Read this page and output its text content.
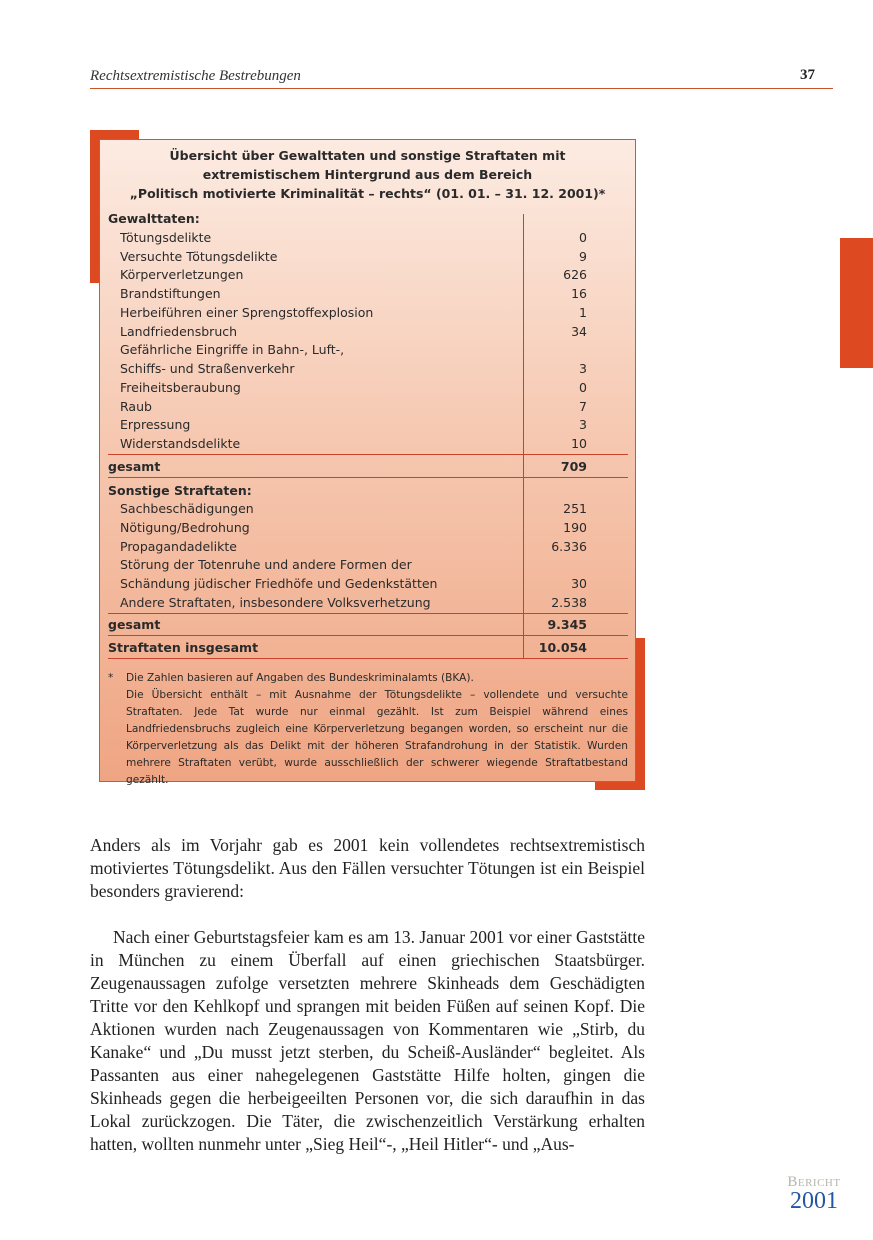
Rechtsextremistische Bestrebungen	37
Übersicht über Gewalttaten und sonstige Straftaten mit
extremistischem Hintergrund aus dem Bereich
„Politisch motivierte Kriminalität – rechts“ (01. 01. – 31. 12. 2001)*
Gewalttaten:
Tötungsdelikte	0
Versuchte Tötungsdelikte	9
Körperverletzungen	626
Brandstiftungen	16
Herbeiführen einer Sprengstoffexplosion	1
Landfriedensbruch	34
Gefährliche Eingriffe in Bahn-, Luft-,
Schiffs- und Straßenverkehr	3
Freiheitsberaubung	0
Raub	7
Erpressung	3
Widerstandsdelikte	10
gesamt	709
Sonstige Straftaten:
Sachbeschädigungen	251
Nötigung/Bedrohung	190
Propagandadelikte	6.336
Störung der Totenruhe und andere Formen der
Schändung jüdischer Friedhöfe und Gedenkstätten	30
Andere Straftaten, insbesondere Volksverhetzung	2.538
gesamt	9.345
Straftaten insgesamt	10.054
* Die Zahlen basieren auf Angaben des Bundeskriminalamts (BKA).
Die Übersicht enthält – mit Ausnahme der Tötungsdelikte – vollendete und versuchte Straftaten. Jede Tat wurde nur einmal gezählt. Ist zum Beispiel während eines Landfriedensbruchs zugleich eine Körperverletzung begangen worden, so erscheint nur die Körperverletzung als das Delikt mit der höheren Strafandrohung in der Statistik. Wurden mehrere Straftaten verübt, wurde ausschließlich der schwerer wiegende Straftatbestand gezählt.

Anders als im Vorjahr gab es 2001 kein vollendetes rechtsextremistisch motiviertes Tötungsdelikt. Aus den Fällen versuchter Tötungen ist ein Beispiel besonders gravierend:

Nach einer Geburtstagsfeier kam es am 13. Januar 2001 vor einer Gaststätte in München zu einem Überfall auf einen griechischen Staatsbürger. Zeugenaussagen zufolge versetzten mehrere Skinheads dem Geschädigten Tritte vor den Kehlkopf und sprangen mit beiden Füßen auf seinen Kopf. Die Aktionen wurden nach Zeugenaussagen von Kommentaren wie „Stirb, du Kanake“ und „Du musst jetzt sterben, du Scheiß-Ausländer“ begleitet. Als Passanten aus einer nahegelegenen Gaststätte Hilfe holten, gingen die Skinheads gegen die herbeigeeilten Personen vor, die sich daraufhin in das Lokal zurückzogen. Die Täter, die zwischenzeitlich Verstärkung erhalten hatten, wollten nunmehr unter „Sieg Heil“-, „Heil Hitler“- und „Aus-

Bericht
2001
